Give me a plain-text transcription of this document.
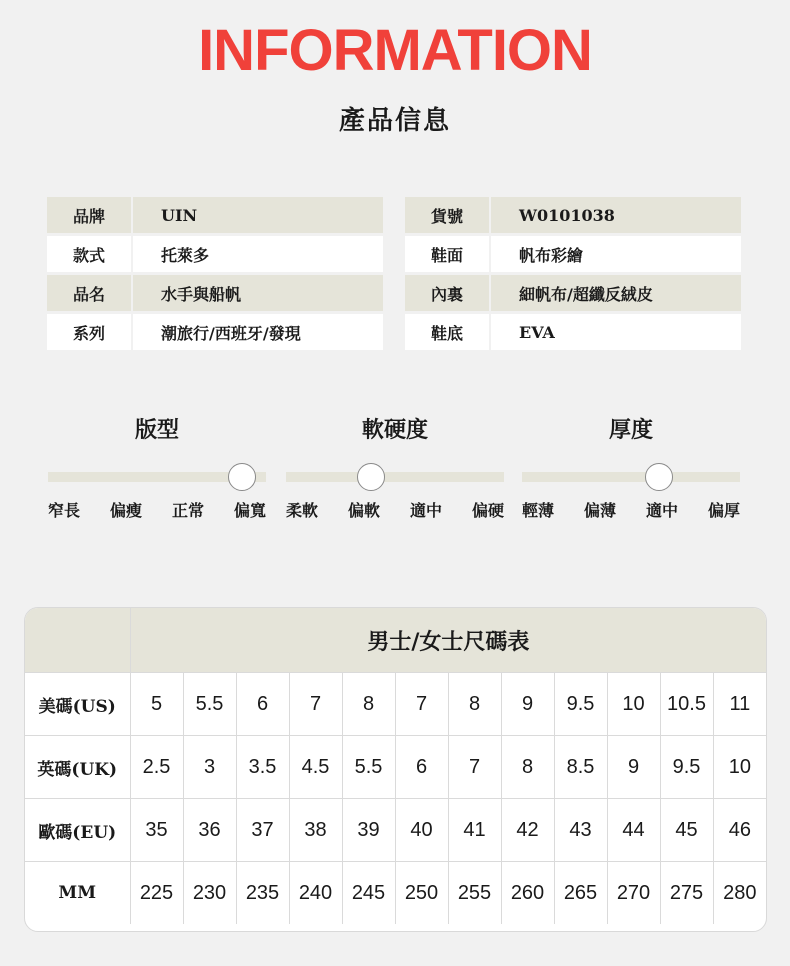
INFORMATION
產品信息
品牌	UIN
款式	托萊多
品名	水手與船帆
系列	潮旅行/西班牙/發現
貨號	W0101038
鞋面	帆布彩繪
內裏	細帆布/超纖反絨皮
鞋底	EVA
版型
窄長 偏瘦 正常 偏寬
軟硬度
柔軟 偏軟 適中 偏硬
厚度
輕薄 偏薄 適中 偏厚
	男士/女士尺碼表											
美碼(US)	5	5.5	6	7	8	7	8	9	9.5	10	10.5	11
英碼(UK)	2.5	3	3.5	4.5	5.5	6	7	8	8.5	9	9.5	10
歐碼(EU)	35	36	37	38	39	40	41	42	43	44	45	46
MM	225	230	235	240	245	250	255	260	265	270	275	280
